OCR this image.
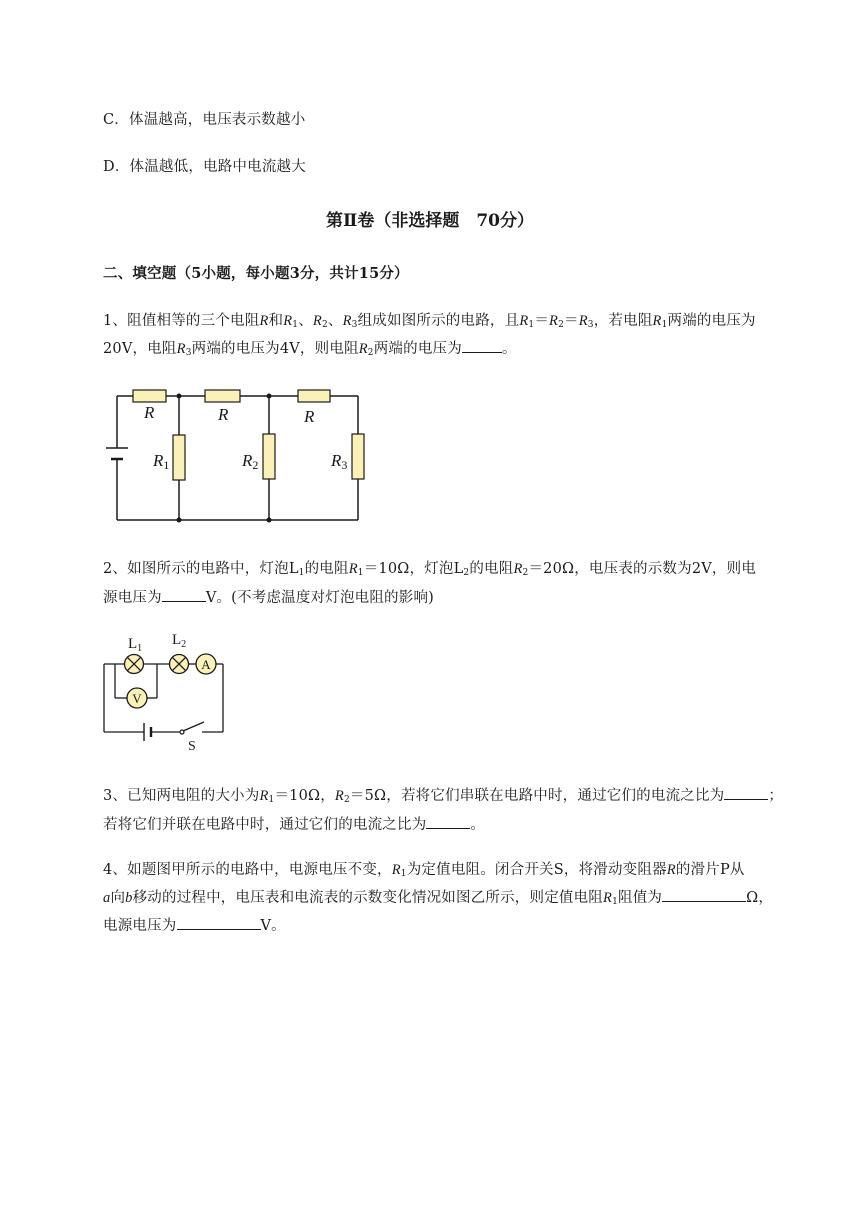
C．体温越高，电压表示数越小
D．体温越低，电路中电流越大
第Ⅱ卷（非选择题　70分）
二、填空题（5小题，每小题3分，共计15分）
1、阻值相等的三个电阻R和$R_1$、$R_2$、$R_3$组成如图所示的电路，且$R_1=R_2=R_3$，若电阻$R_1$两端的电压为
20V，电阻$R_3$两端的电压为4V，则电阻$R_2$两端的电压为	。
R	R	R
R1	R2	R3
2、如图所示的电路中，灯泡$L_1$的电阻$R_1=10\Omega$，灯泡$L_2$的电阻$R_2=20\Omega$，电压表的示数为2V，则电
源电压为	V。(不考虑温度对灯泡电阻的影响)
A
V
$L_1$
$L_2$
S
3、已知两电阻的大小为$R_1=10\Omega$，$R_2=5\Omega$，若将它们串联在电路中时，通过它们的电流之比为	；
若将它们并联在电路中时，通过它们的电流之比为	。
4、如题图甲所示的电路中，电源电压不变，$R_1$为定值电阻。闭合开关S，将滑动变阻器R的滑片P从
a向b移动的过程中，电压表和电流表的示数变化情况如图乙所示，则定值电阻$R_1$阻值为	Ω，
电源电压为	V。
